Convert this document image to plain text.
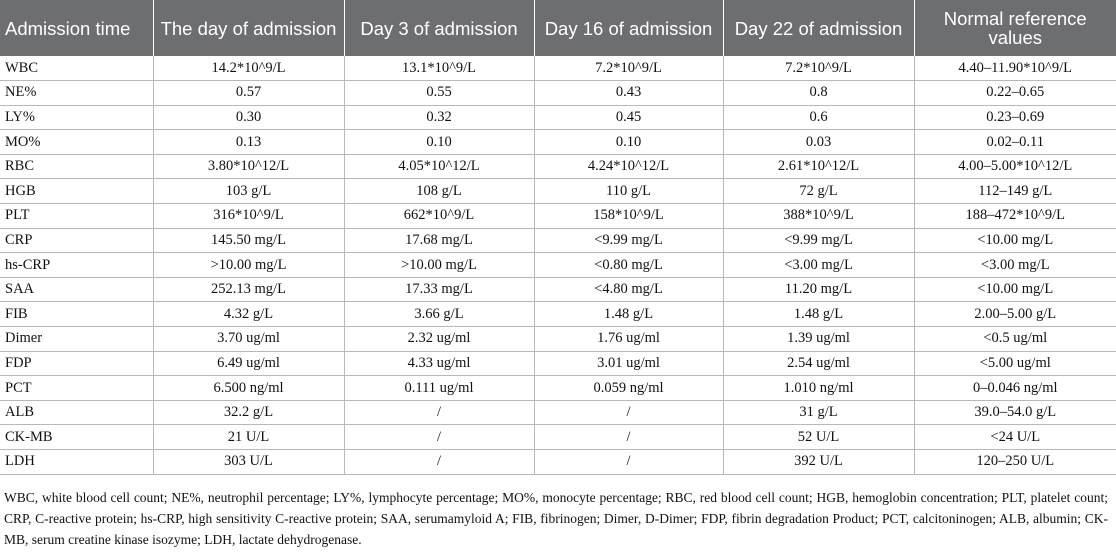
Admission time	The day of admission	Day 3 of admission	Day 16 of admission	Day 22 of admission	Normal reference values
WBC	14.2*10^9/L	13.1*10^9/L	7.2*10^9/L	7.2*10^9/L	4.40–11.90*10^9/L
NE%	0.57	0.55	0.43	0.8	0.22–0.65
LY%	0.30	0.32	0.45	0.6	0.23–0.69
MO%	0.13	0.10	0.10	0.03	0.02–0.11
RBC	3.80*10^12/L	4.05*10^12/L	4.24*10^12/L	2.61*10^12/L	4.00–5.00*10^12/L
HGB	103 g/L	108 g/L	110 g/L	72 g/L	112–149 g/L
PLT	316*10^9/L	662*10^9/L	158*10^9/L	388*10^9/L	188–472*10^9/L
CRP	145.50 mg/L	17.68 mg/L	<9.99 mg/L	<9.99 mg/L	<10.00 mg/L
hs-CRP	>10.00 mg/L	>10.00 mg/L	<0.80 mg/L	<3.00 mg/L	<3.00 mg/L
SAA	252.13 mg/L	17.33 mg/L	<4.80 mg/L	11.20 mg/L	<10.00 mg/L
FIB	4.32 g/L	3.66 g/L	1.48 g/L	1.48 g/L	2.00–5.00 g/L
Dimer	3.70 ug/ml	2.32 ug/ml	1.76 ug/ml	1.39 ug/ml	<0.5 ug/ml
FDP	6.49 ug/ml	4.33 ug/ml	3.01 ug/ml	2.54 ug/ml	<5.00 ug/ml
PCT	6.500 ng/ml	0.111 ug/ml	0.059 ng/ml	1.010 ng/ml	0–0.046 ng/ml
ALB	32.2 g/L	/	/	31 g/L	39.0–54.0 g/L
CK-MB	21 U/L	/	/	52 U/L	<24 U/L
LDH	303 U/L	/	/	392 U/L	120–250 U/L

WBC, white blood cell count; NE%, neutrophil percentage; LY%, lymphocyte percentage; MO%, monocyte percentage; RBC, red blood cell count; HGB, hemoglobin concentration; PLT, platelet count; CRP, C-reactive protein; hs-CRP, high sensitivity C-reactive protein; SAA, serumamyloid A; FIB, fibrinogen; Dimer, D-Dimer; FDP, fibrin degradation Product; PCT, calcitoninogen; ALB, albumin; CK-MB, serum creatine kinase isozyme; LDH, lactate dehydrogenase.
